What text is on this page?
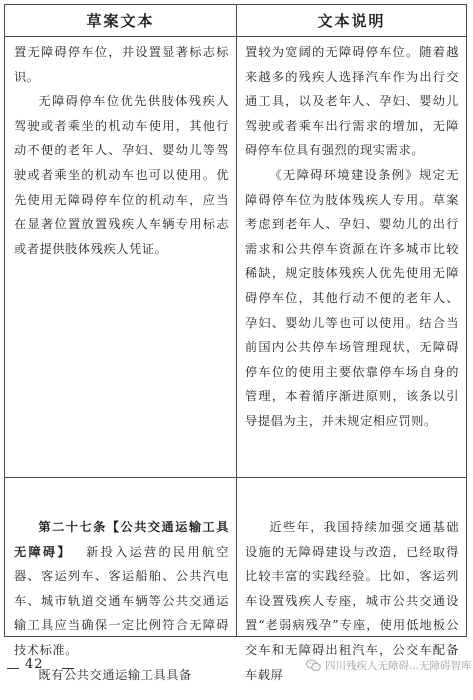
草案文本	文本说明

置无障碍停车位，并设置显著标志标识。

无障碍停车位优先供肢体残疾人驾驶或者乘坐的机动车使用，其他行动不便的老年人、孕妇、婴幼儿等驾驶或者乘坐的机动车也可以使用。优先使用无障碍停车位的机动车，应当在显著位置放置残疾人车辆专用标志或者提供肢体残疾人凭证。

置较为宽阔的无障碍停车位。随着越来越多的残疾人选择汽车作为出行交通工具，以及老年人、孕妇、婴幼儿驾驶或者乘车出行需求的增加，无障碍停车位具有强烈的现实需求。

《无障碍环境建设条例》规定无障碍停车位为肢体残疾人专用。草案考虑到老年人、孕妇、婴幼儿的出行需求和公共停车资源在许多城市比较稀缺，规定肢体残疾人优先使用无障碍停车位，其他行动不便的老年人、孕妇、婴幼儿等也可以使用。结合当前国内公共停车场管理现状，无障碍停车位的使用主要依靠停车场自身的管理，本着循序渐进原则，该条以引导提倡为主，并未规定相应罚则。

第二十七条【公共交通运输工具无障碍】  新投入运营的民用航空器、客运列车、客运船舶、公共汽电车、城市轨道交通车辆等公共交通运输工具应当确保一定比例符合无障碍技术标准。

既有公共交通运输工具具备

近些年，我国持续加强交通基础设施的无障碍建设与改造，已经取得比较丰富的实践经验。比如，客运列车设置残疾人专座，城市公共交通设置“老弱病残孕”专座，使用低地板公交车和无障碍出租汽车，公交车配备车载屏

42	四川残疾人无障碍...无障碍智库
